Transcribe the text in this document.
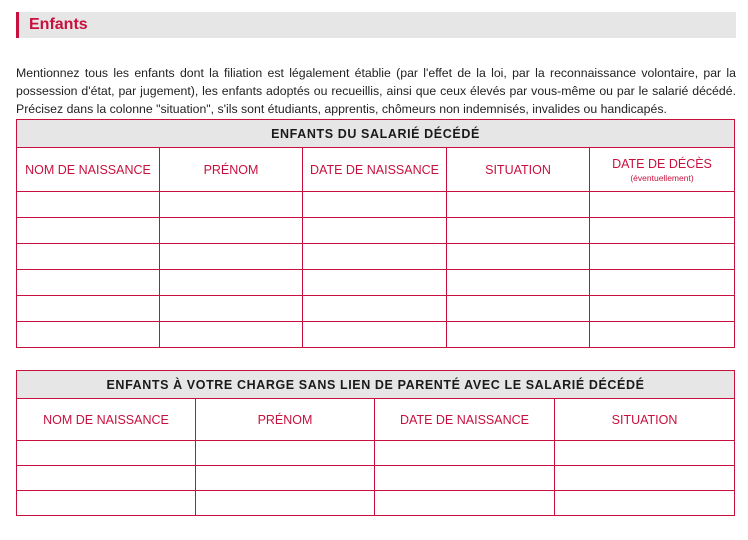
Enfants

Mentionnez tous les enfants dont la filiation est légalement établie (par l'effet de la loi, par la reconnaissance volontaire, par la possession d'état, par jugement), les enfants adoptés ou recueillis, ainsi que ceux élevés par vous-même ou par le salarié décédé. Précisez dans la colonne "situation", s'ils sont étudiants, apprentis, chômeurs non indemnisés, invalides ou handicapés.

ENFANTS DU SALARIÉ DÉCÉDÉ				
NOM DE NAISSANCE	PRÉNOM	DATE DE NAISSANCE	SITUATION	DATE DE DÉCÈS
(éventuellement)

ENFANTS À VOTRE CHARGE SANS LIEN DE PARENTÉ AVEC LE SALARIÉ DÉCÉDÉ			
NOM DE NAISSANCE	PRÉNOM	DATE DE NAISSANCE	SITUATION
